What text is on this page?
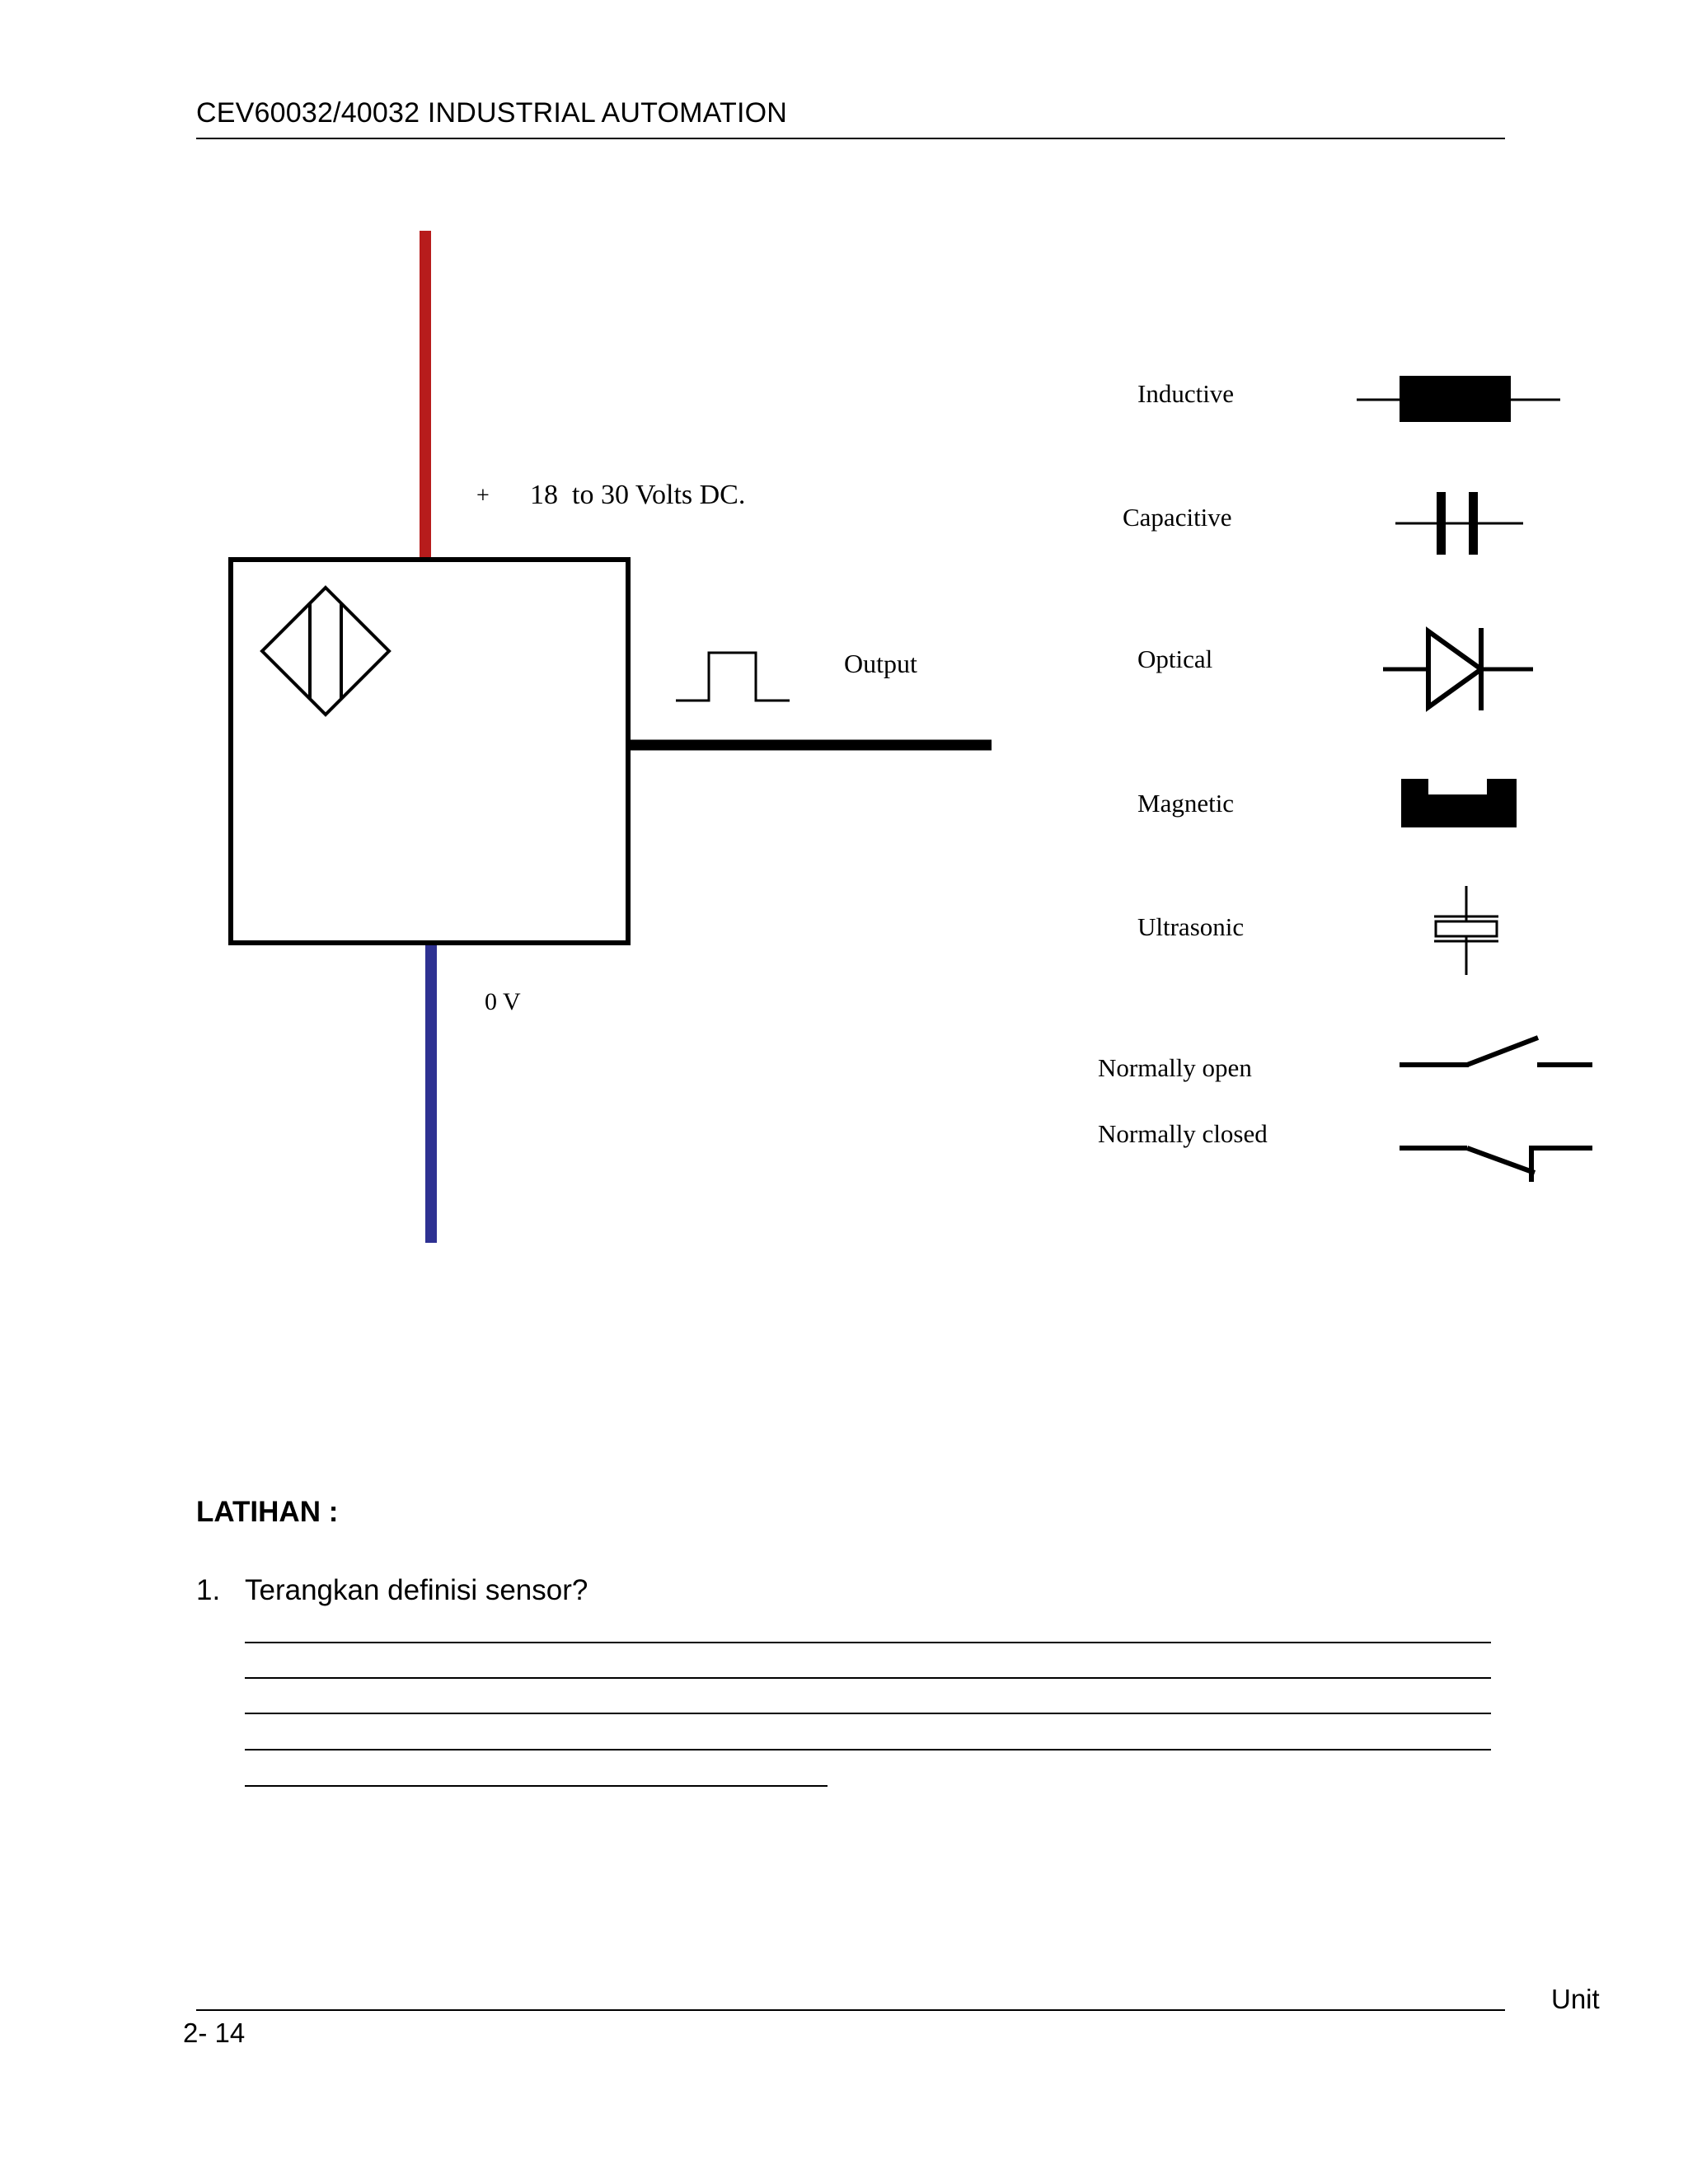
CEV60032/40032 INDUSTRIAL AUTOMATION
+ 18  to 30 Volts DC.
Output
0 V
Inductive
Capacitive
Optical
Magnetic
Ultrasonic
Normally open
Normally closed
LATIHAN :
1. Terangkan definisi sensor?
Unit
2- 14
